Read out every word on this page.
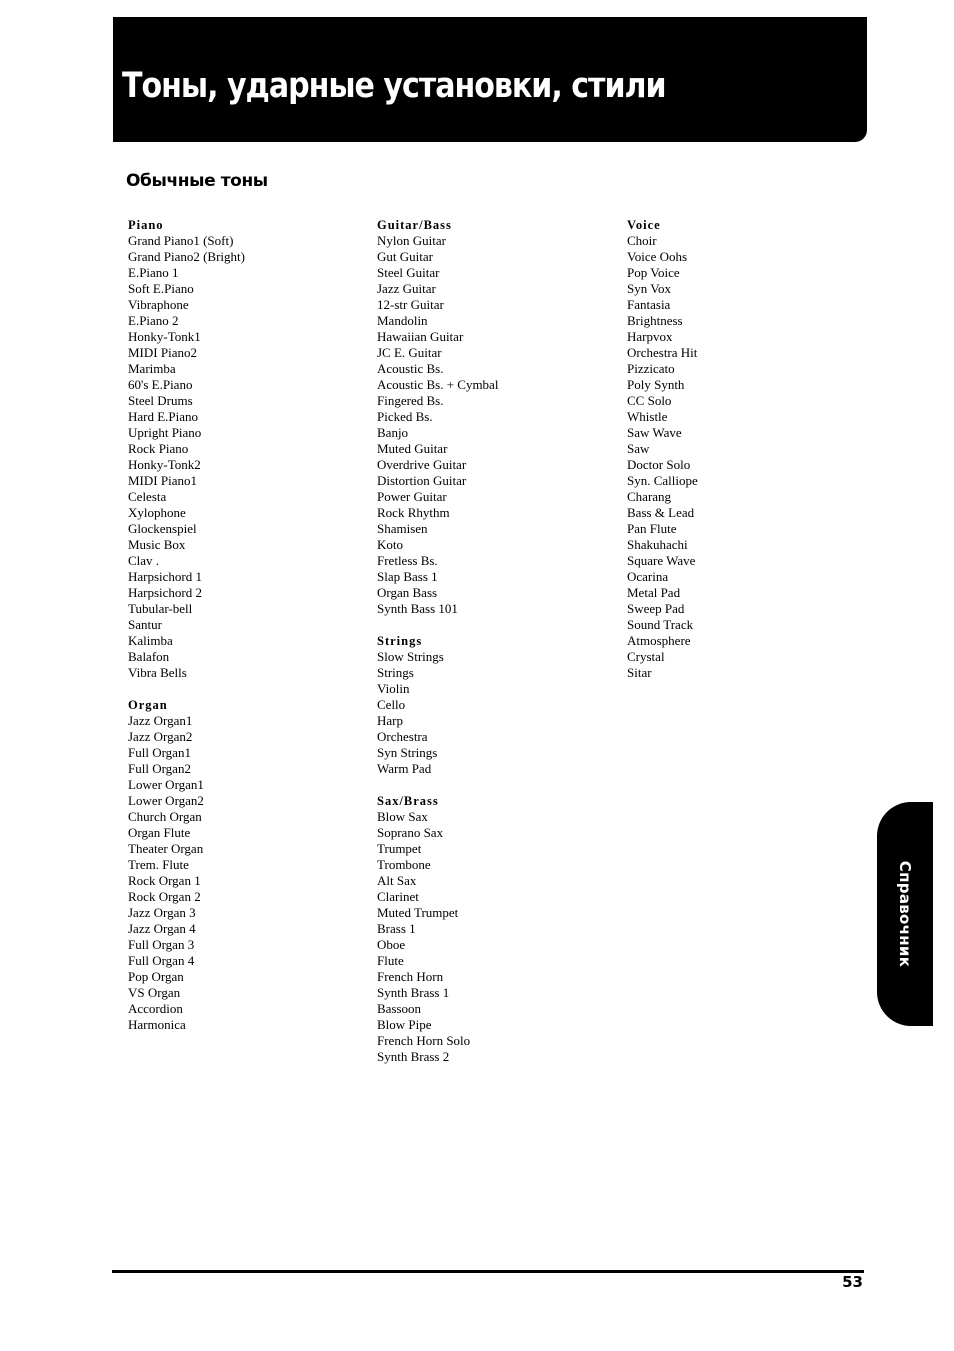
Тоны, ударные установки, стили
Обычные тоны
Piano
Grand Piano1 (Soft)
Grand Piano2 (Bright)
E.Piano 1
Soft E.Piano
Vibraphone
E.Piano 2
Honky-Tonk1
MIDI Piano2
Marimba
60's E.Piano
Steel Drums
Hard E.Piano
Upright Piano
Rock Piano
Honky-Tonk2
MIDI Piano1
Celesta
Xylophone
Glockenspiel
Music Box
Clav .
Harpsichord 1
Harpsichord 2
Tubular-bell
Santur
Kalimba
Balafon
Vibra Bells
Organ
Jazz Organ1
Jazz Organ2
Full Organ1
Full Organ2
Lower Organ1
Lower Organ2
Church Organ
Organ Flute
Theater Organ
Trem. Flute
Rock Organ 1
Rock Organ 2
Jazz Organ 3
Jazz Organ 4
Full Organ 3
Full Organ 4
Pop Organ
VS Organ
Accordion
Harmonica
Guitar/Bass
Nylon Guitar
Gut Guitar
Steel Guitar
Jazz Guitar
12-str Guitar
Mandolin
Hawaiian Guitar
JC E. Guitar
Acoustic Bs.
Acoustic Bs. + Cymbal
Fingered Bs.
Picked Bs.
Banjo
Muted Guitar
Overdrive Guitar
Distortion Guitar
Power Guitar
Rock Rhythm
Shamisen
Koto
Fretless Bs.
Slap Bass 1
Organ Bass
Synth Bass 101
Strings
Slow Strings
Strings
Violin
Cello
Harp
Orchestra
Syn Strings
Warm Pad
Sax/Brass
Blow Sax
Soprano Sax
Trumpet
Trombone
Alt Sax
Clarinet
Muted Trumpet
Brass 1
Oboe
Flute
French Horn
Synth Brass 1
Bassoon
Blow Pipe
French Horn Solo
Synth Brass 2
Voice
Choir
Voice Oohs
Pop Voice
Syn Vox
Fantasia
Brightness
Harpvox
Orchestra Hit
Pizzicato
Poly Synth
CC Solo
Whistle
Saw Wave
Saw
Doctor Solo
Syn. Calliope
Charang
Bass & Lead
Pan Flute
Shakuhachi
Square Wave
Ocarina
Metal Pad
Sweep Pad
Sound Track
Atmosphere
Crystal
Sitar
Справочник
53
